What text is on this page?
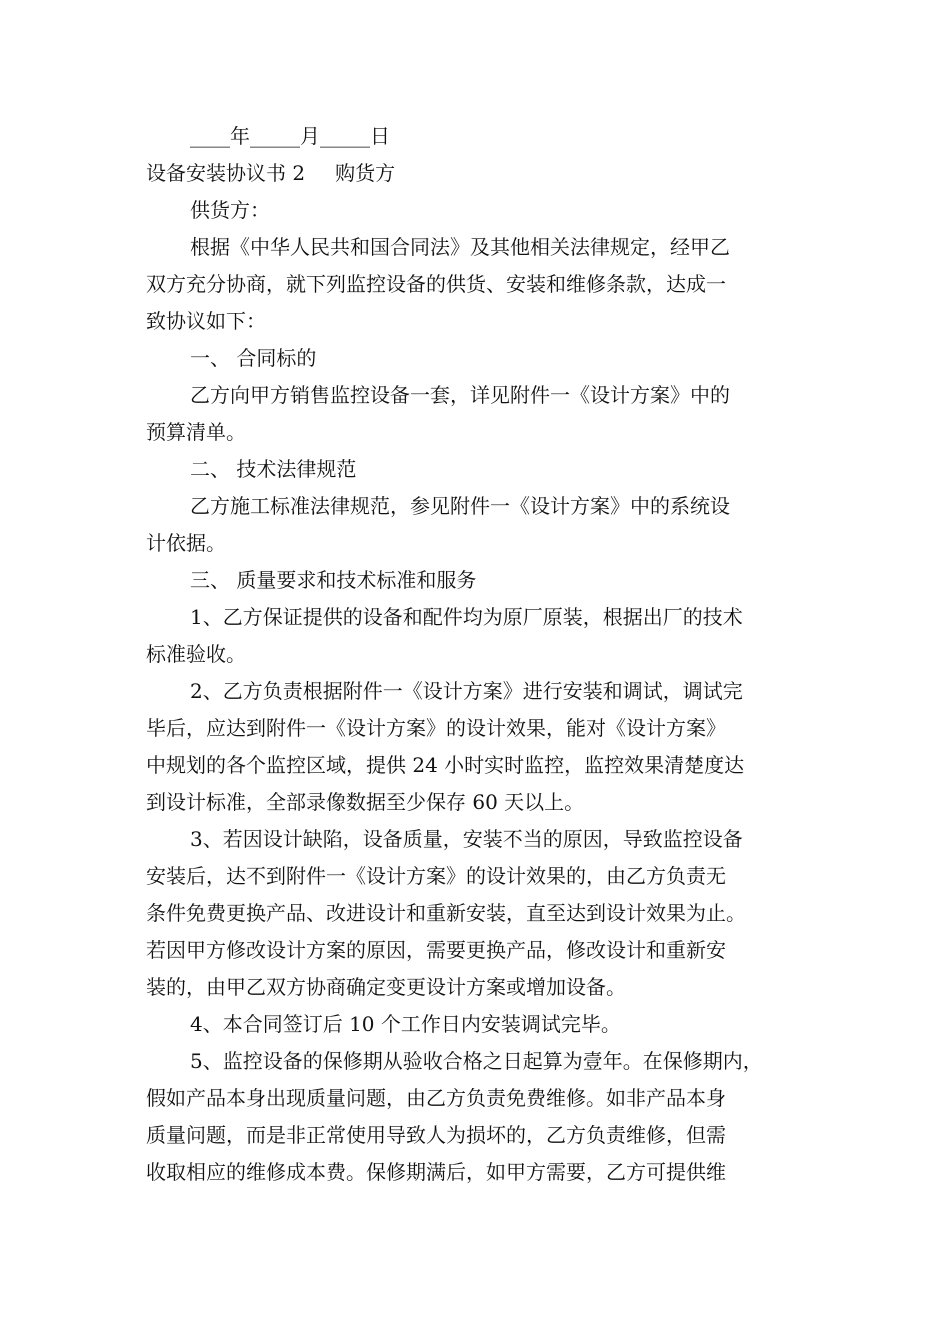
____年_____月_____日
设备安装协议书 2 购货方
供货方：
根据《中华人民共和国合同法》及其他相关法律规定，经甲乙
双方充分协商，就下列监控设备的供货、安装和维修条款，达成一
致协议如下：
一、 合同标的
乙方向甲方销售监控设备一套，详见附件一《设计方案》中的
预算清单。
二、 技术法律规范
乙方施工标准法律规范，参见附件一《设计方案》中的系统设
计依据。
三、 质量要求和技术标准和服务
1、乙方保证提供的设备和配件均为原厂原装，根据出厂的技术
标准验收。
2、乙方负责根据附件一《设计方案》进行安装和调试，调试完
毕后，应达到附件一《设计方案》的设计效果，能对《设计方案》
中规划的各个监控区域，提供 24 小时实时监控，监控效果清楚度达
到设计标准，全部录像数据至少保存 60 天以上。
3、若因设计缺陷，设备质量，安装不当的原因，导致监控设备
安装后，达不到附件一《设计方案》的设计效果的，由乙方负责无
条件免费更换产品、改进设计和重新安装，直至达到设计效果为止。
若因甲方修改设计方案的原因，需要更换产品，修改设计和重新安
装的，由甲乙双方协商确定变更设计方案或增加设备。
4、本合同签订后 10 个工作日内安装调试完毕。
5、监控设备的保修期从验收合格之日起算为壹年。在保修期内，
假如产品本身出现质量问题，由乙方负责免费维修。如非产品本身
质量问题，而是非正常使用导致人为损坏的，乙方负责维修，但需
收取相应的维修成本费。保修期满后，如甲方需要，乙方可提供维
